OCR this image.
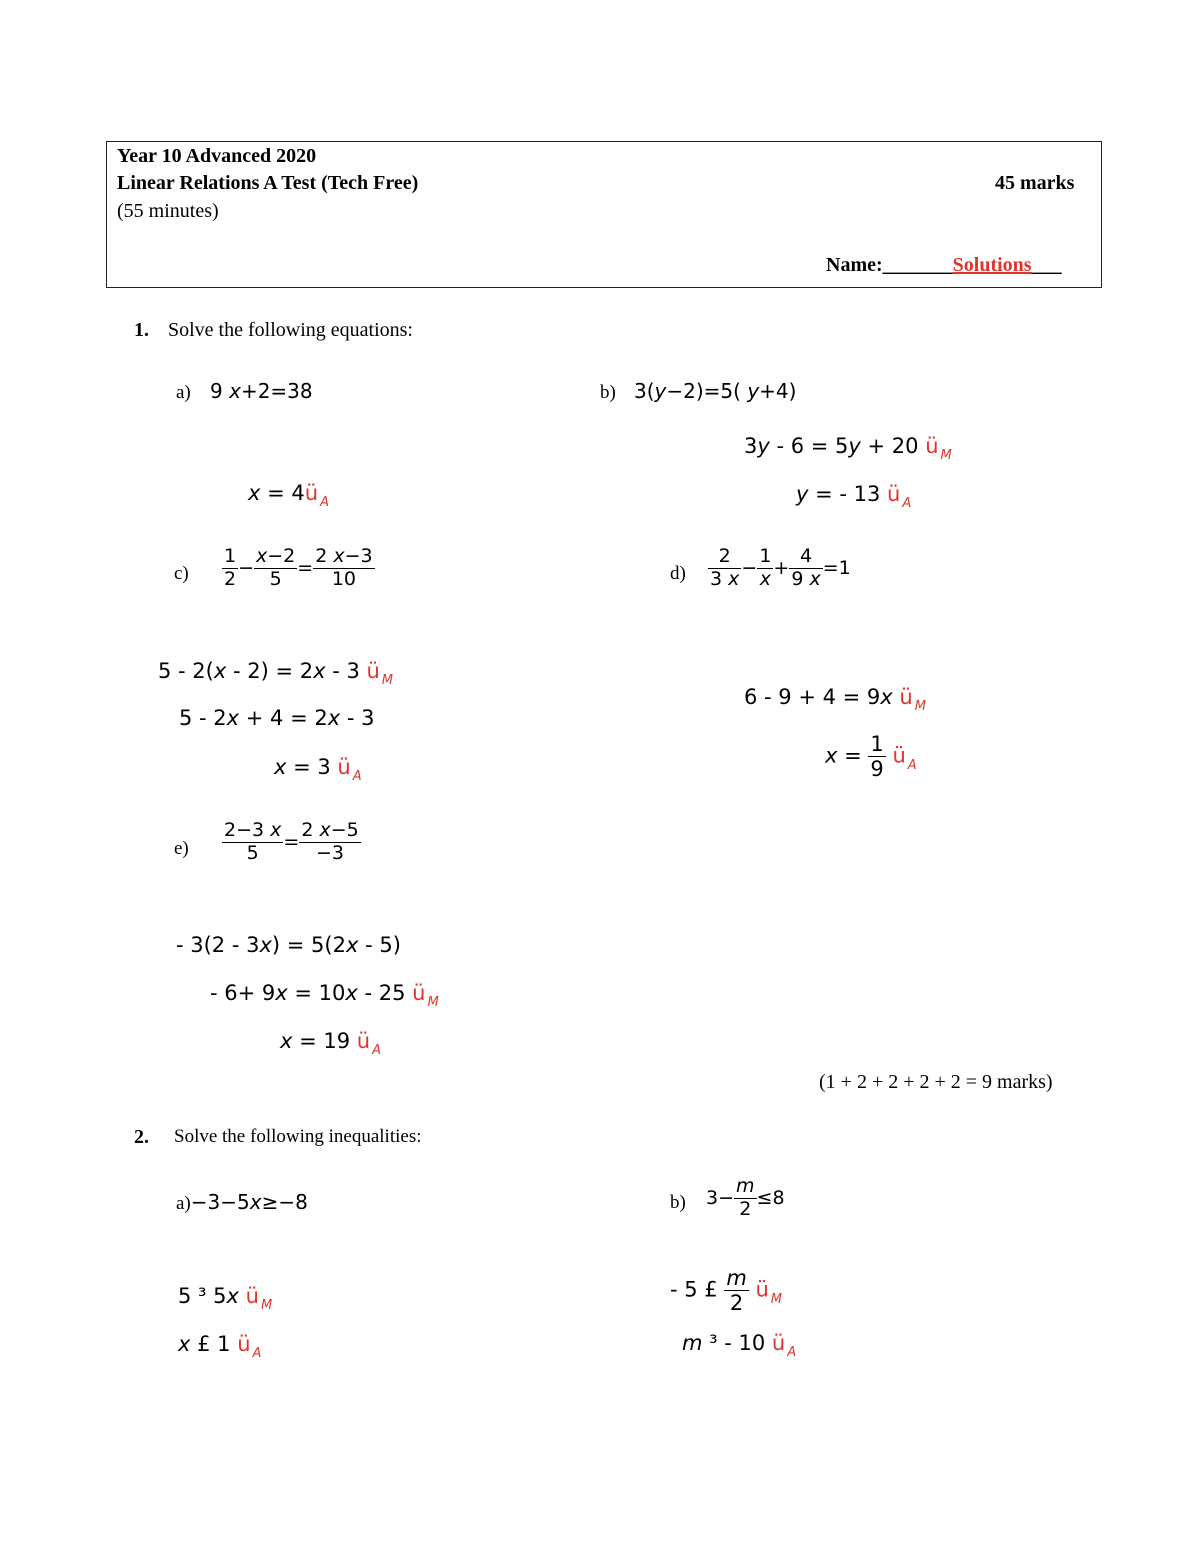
Year 10 Advanced 2020
Linear Relations A Test (Tech Free)	45 marks
(55 minutes)
Name:_______Solutions___
1. Solve the following equations:
a) 9 x+2=38
x = 4ü $_A$
b) 3(y−2)=5( y+4)
3y - 6 = 5y + 20 ü $_M$
y = - 13 ü $_A$
$c) \frac{1}{2} - \frac{x-2}{5} = \frac{2 x-3}{10}$
5 - 2(x - 2) = 2x - 3 ü $_M$
5 - 2x + 4 = 2x - 3
x = 3 ü $_A$
$d) \frac{2}{3 x} - \frac{1}{x} + \frac{4}{9 x} =1$
6 - 9 + 4 = 9x ü $_M$
$x = \frac{1}{9}$ ü $_A$
$e) \frac{2-3 x}{5} = \frac{2 x-5}{-3}$
- 3(2 - 3x) = 5(2x - 5)
- 6+ 9x = 10x - 25 ü $_M$
x = 19 ü $_A$
(1 + 2 + 2 + 2 + 2 = 9 marks)
2. Solve the following inequalities:
a)−3−5x≥−8
5 ³ 5x ü $_M$
x £ 1 ü $_A$
b) $3- \frac{m}{2} \le 8$
- 5 £ $\frac{m}{2}$ ü $_M$
m ³ - 10 ü $_A$
